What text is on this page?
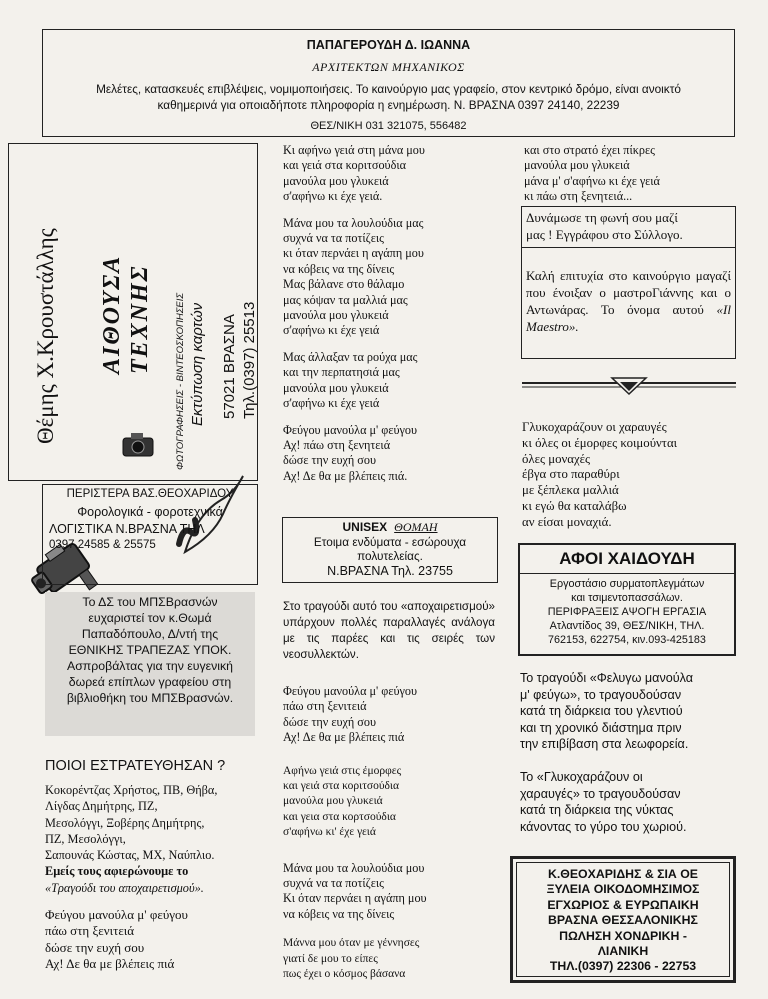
ΠΑΠΑΓΕΡΟΥΔΗ Δ. ΙΩΑΝΝΑ
ΑΡΧΙΤΕΚΤΩΝ ΜΗΧΑΝΙΚΟΣ
Μελέτες, κατασκευές επιβλέψεις, νομιμοποιήσεις. Το καινούργιο μας γραφείο, στον κεντρικό δρόμο, είναι ανοικτό
καθημερινά για οποιαδήποτε πληροφορία η ενημέρωση. Ν. ΒΡΑΣΝΑ 0397 24140, 22239
ΘΕΣ/ΝΙΚΗ 031 321075, 556482
Θέμης Χ.Κρουστάλλης ΑΙΘΟΥΣΑ ΤΕΧΝΗΣ ΦΩΤΟΓΡΑΦΗΣΕΙΣ - ΒΙΝΤΕΟΣΚΟΠΗΣΕΙΣ Εκτύπωση καρτών 57021 ΒΡΑΣΝΑ Τηλ.(0397) 25513
ΠΕΡΙΣΤΕΡΑ ΒΑΣ.ΘΕΟΧΑΡΙΔΟΥ
Φορολογικά - φοροτεχνικά
ΛΟΓΙΣΤΙΚΑ Ν.ΒΡΑΣΝΑ ΤΗΛ
0397 24585 & 25575
Το ΔΣ του ΜΠΣΒρασνών
ευχαριστεί τον κ.Θωμά
Παπαδόπουλο, Δ/ντή της
ΕΘΝΙΚΗΣ ΤΡΑΠΕΖΑΣ ΥΠΟΚ.
Ασπροβάλτας για την ευγενική
δωρεά επίπλων γραφείου στη
βιβλιοθήκη του ΜΠΣΒρασνών.
ΠΟΙΟΙ ΕΣΤΡΑΤΕΥΘΗΣΑΝ ?
Κοκορέντζας Χρήστος, ΠΒ, Θήβα,
Λίγδας Δημήτρης, ΠΖ,
Μεσολόγγι, Ξοβέρης Δημήτρης,
ΠΖ, Μεσολόγγι,
Σαπουνάς Κώστας, ΜΧ, Ναύπλιο.
Εμείς τους αφιερώνουμε το
«Τραγούδι του αποχαιρετισμού».
Φεύγου μανούλα μ' φεύγου
πάω στη ξενιτειά
δώσε την ευχή σου
Αχ! Δε θα με βλέπεις πιά
Κι αφήνω γειά στη μάνα μου
και γειά στα κοριτσούδια
μανούλα μου γλυκειά
σ'αφήνω κι έχε γειά.
Μάνα μου τα λουλούδια μας
συχνά να τα ποτίζεις
κι όταν περνάει η αγάπη μου
να κόβεις να της δίνεις
Μας βάλανε στο θάλαμο
μας κόψαν τα μαλλιά μας
μανούλα μου γλυκειά
σ'αφήνω κι έχε γειά
Μας άλλαξαν τα ρούχα μας
και την περπατησιά μας
μανούλα μου γλυκειά
σ'αφήνω κι έχε γειά
Φεύγου μανούλα μ' φεύγου
Αχ! πάω στη ξενητειά
δώσε την ευχή σου
Αχ! Δε θα με βλέπεις πιά.
UNISEX ΘΟΜΑΗ
Ετοιμα ενδύματα - εσώρουχα
πολυτελείας.
Ν.ΒΡΑΣΝΑ Τηλ. 23755
Στο τραγούδι αυτό του «αποχαιρετισμού» υπάρχουν πολλές παραλλαγές ανάλογα με τις παρέες και τις σειρές των νεοσυλλεκτών.
Φεύγου μανούλα μ' φεύγου
πάω στη ξενιτειά
δώσε την ευχή σου
Αχ! Δε θα με βλέπεις πιά
Αφήνω γειά στις έμορφες
και γειά στα κοριτσούδια
μανούλα μου γλυκειά
και γεια στα κορτσούδια
σ'αφήνω κι' έχε γειά
Μάνα μου τα λουλούδια μου
συχνά να τα ποτίζεις
Κι όταν περνάει η αγάπη μου
να κόβεις να της δίνεις
Μάννα μου όταν με γέννησες
γιατί δε μου το είπες
πως έχει ο κόσμος βάσανα
και στο στρατό έχει πίκρες
μανούλα μου γλυκειά
μάνα μ' σ'αφήνω κι έχε γειά
κι πάω στη ξενητειά...
Δυνάμωσε τη φωνή σου μαζί
μας ! Εγγράφου στο Σύλλογο.
Καλή επιτυχία στο καινούργιο μαγαζί που ένοιξαν ο μαστροΓιάννης και ο Αντωνάρας. Το όνομα αυτού «Il Maestro».
Γλυκοχαράζουν οι χαραυγές
κι όλες οι έμορφες κοιμούνται
όλες μοναχές
έβγα στο παραθύρι
με ξέπλεκα μαλλιά
κι εγώ θα καταλάβω
αν είσαι μοναχιά.
ΑΦΟΙ ΧΑΙΔΟΥΔΗ
Εργοστάσιο συρματοπλεγμάτων
και τσιμεντοπασσάλων.
ΠΕΡΙΦΡΑΞΕΙΣ ΑΨΟΓΗ ΕΡΓΑΣΙΑ
Ατλαντίδος 39, ΘΕΣ/ΝΙΚΗ, ΤΗΛ.
762153, 622754, κιν.093-425183
Το τραγούδι «Φελυγω μανούλα
μ' φεύγω», το τραγουδούσαν
κατά τη διάρκεια του γλεντιού
και τη χρονικό διάστημα πριν
την επιβίβαση στα λεωφορεία.
Το «Γλυκοχαράζουν οι
χαραυγές» το τραγουδούσαν
κατά τη διάρκεια της νύκτας
κάνοντας το γύρο του χωριού.
Κ.ΘΕΟΧΑΡΙΔΗΣ & ΣΙΑ ΟΕ
ΞΥΛΕΙΑ ΟΙΚΟΔΟΜΗΣΙΜΟΣ
ΕΓΧΩΡΙΟΣ & ΕΥΡΩΠΑΙΚΗ
ΒΡΑΣΝΑ ΘΕΣΣΑΛΟΝΙΚΗΣ
ΠΩΛΗΣΗ ΧΟΝΔΡΙΚΗ -
ΛΙΑΝΙΚΗ
ΤΗΛ.(0397) 22306 - 22753
